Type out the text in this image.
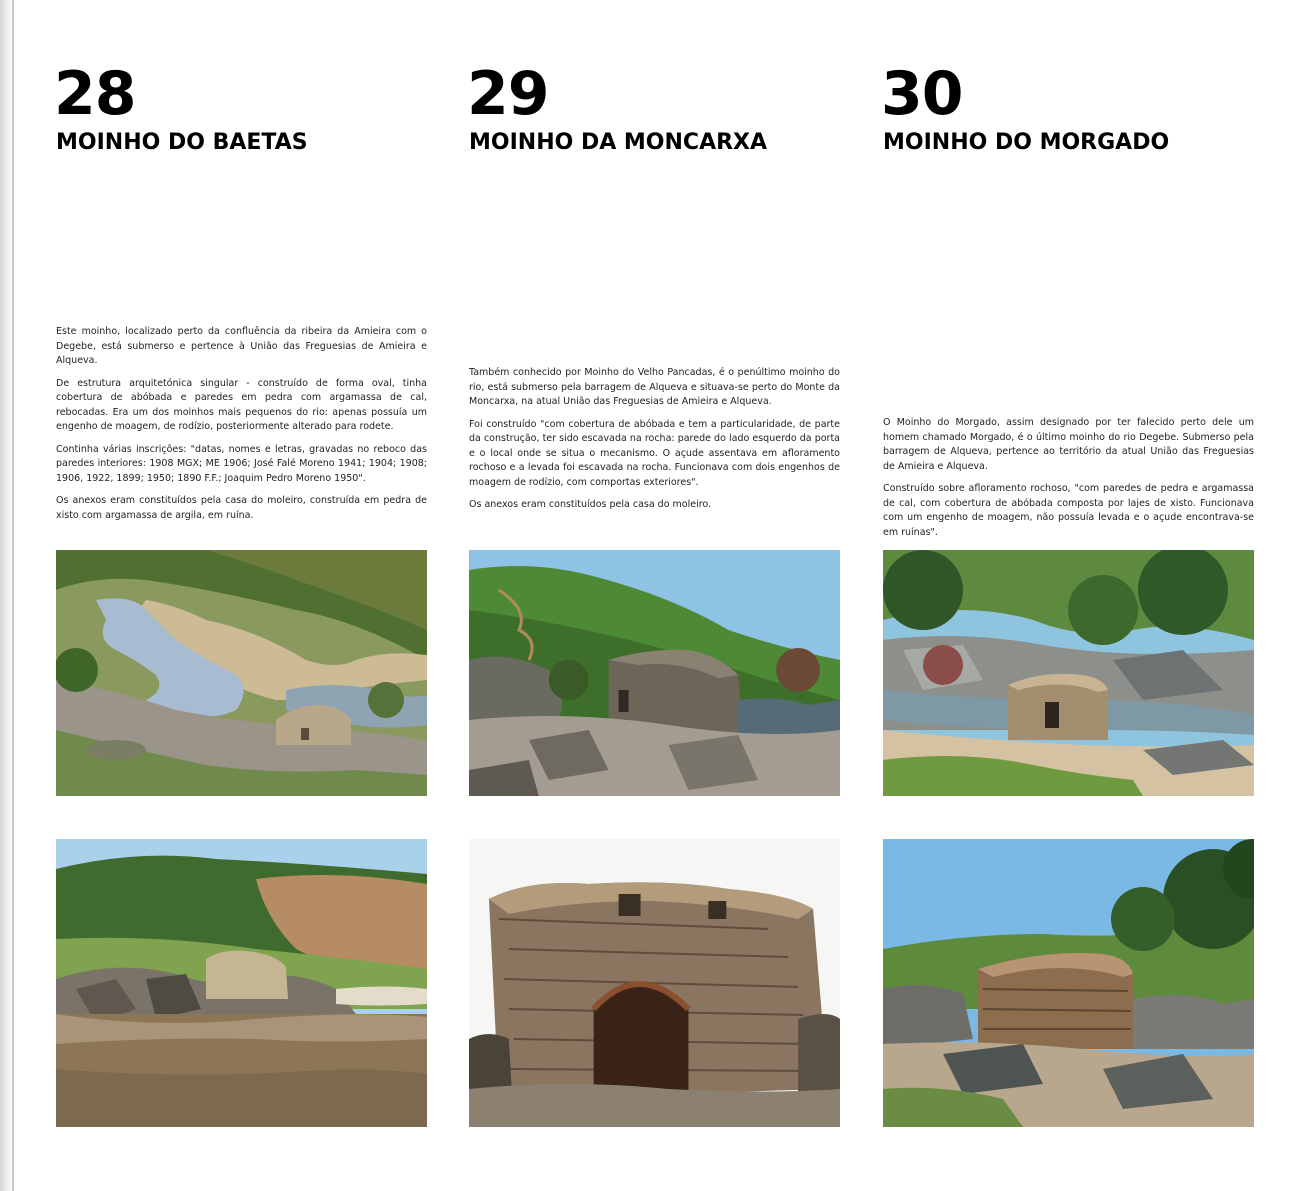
28
MOINHO DO BAETAS

Este moinho, localizado perto da confluência da ribeira da Amieira com o Degebe, está submerso e pertence à União das Freguesias de Amieira e Alqueva.

De estrutura arquitetónica singular - construído de forma oval, tinha cobertura de abóbada e paredes em pedra com argamassa de cal, rebocadas. Era um dos moinhos mais pequenos do rio: apenas possuía um engenho de moagem, de rodízio, posteriormente alterado para rodete.

Continha várias inscrições: "datas, nomes e letras, gravadas no reboco das paredes interiores: 1908 MGX; ME 1906; José Falé Moreno 1941; 1904; 1908; 1906, 1922, 1899; 1950; 1890 F.F.; Joaquim Pedro Moreno 1950".

Os anexos eram constituídos pela casa do moleiro, construída em pedra de xisto com argamassa de argila, em ruína.

29
MOINHO DA MONCARXA

Também conhecido por Moinho do Velho Pancadas, é o penúltimo moinho do rio, está submerso pela barragem de Alqueva e situava-se perto do Monte da Moncarxa, na atual União das Freguesias de Amieira e Alqueva.

Foi construído "com cobertura de abóbada e tem a particularidade, de parte da construção, ter sido escavada na rocha: parede do lado esquerdo da porta e o local onde se situa o mecanismo. O açude assentava em afloramento rochoso e a levada foi escavada na rocha. Funcionava com dois engenhos de moagem de rodízio, com comportas exteriores".

Os anexos eram constituídos pela casa do moleiro.

30
MOINHO DO MORGADO

O Moinho do Morgado, assim designado por ter falecido perto dele um homem chamado Morgado, é o último moinho do rio Degebe. Submerso pela barragem de Alqueva, pertence ao território da atual União das Freguesias de Amieira e Alqueva.

Construído sobre afloramento rochoso, "com paredes de pedra e argamassa de cal, com cobertura de abóbada composta por lajes de xisto. Funcionava com um engenho de moagem, não possuía levada e o açude encontrava-se em ruínas".
